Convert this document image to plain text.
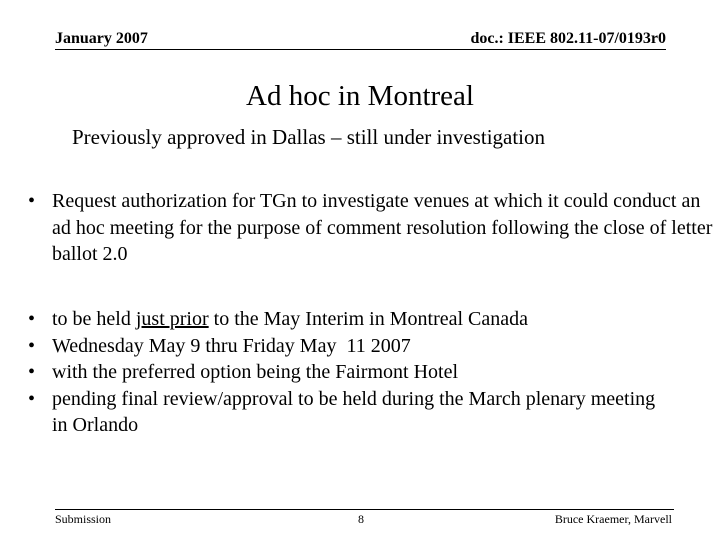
January 2007	doc.: IEEE 802.11-07/0193r0
Ad hoc in Montreal
Previously approved in Dallas – still under investigation
• Request authorization for TGn to investigate venues at which it could conduct an ad hoc meeting for the purpose of comment resolution following the close of letter ballot 2.0
• to be held just prior to the May Interim in Montreal Canada
• Wednesday May 9 thru Friday May  11 2007
• with the preferred option being the Fairmont Hotel
• pending final review/approval to be held during the March plenary meeting in Orlando
Submission	8	Bruce Kraemer, Marvell
